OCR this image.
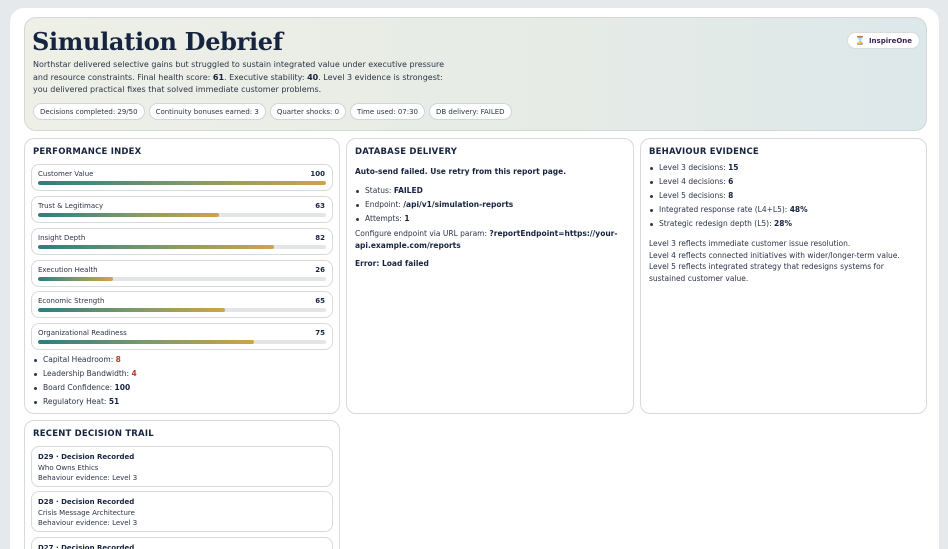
⌛ InspireOne
Simulation Debrief

Northstar delivered selective gains but struggled to sustain integrated value under executive pressure and resource constraints. Final health score: 61. Executive stability: 40. Level 3 evidence is strongest: you delivered practical fixes that solved immediate customer problems.

Decisions completed: 29/50	Continuity bonuses earned: 3	Quarter shocks: 0	Time used: 07:30	DB delivery: FAILED
PERFORMANCE INDEX
Customer Value	100
Trust & Legitimacy	63
Insight Depth	82
Execution Health	26
Economic Strength	65
Organizational Readiness	75
Capital Headroom: 8
Leadership Bandwidth: 4
Board Confidence: 100
Regulatory Heat: 51
DATABASE DELIVERY

Auto-send failed. Use retry from this report page.

Status: FAILED
Endpoint: /api/v1/simulation-reports
Attempts: 1

Configure endpoint via URL param: ?reportEndpoint=https://your-api.example.com/reports

Error: Load failed

BEHAVIOUR EVIDENCE
Level 3 decisions: 15
Level 4 decisions: 6
Level 5 decisions: 8
Integrated response rate (L4+L5): 48%
Strategic redesign depth (L5): 28%
Level 3 reflects immediate customer issue resolution.
Level 4 reflects connected initiatives with wider/longer-term value.
Level 5 reflects integrated strategy that redesigns systems for sustained customer value.
RECENT DECISION TRAIL
D29 · Decision Recorded
Who Owns Ethics
Behaviour evidence: Level 3
D28 · Decision Recorded
Crisis Message Architecture
Behaviour evidence: Level 3
D27 · Decision Recorded
